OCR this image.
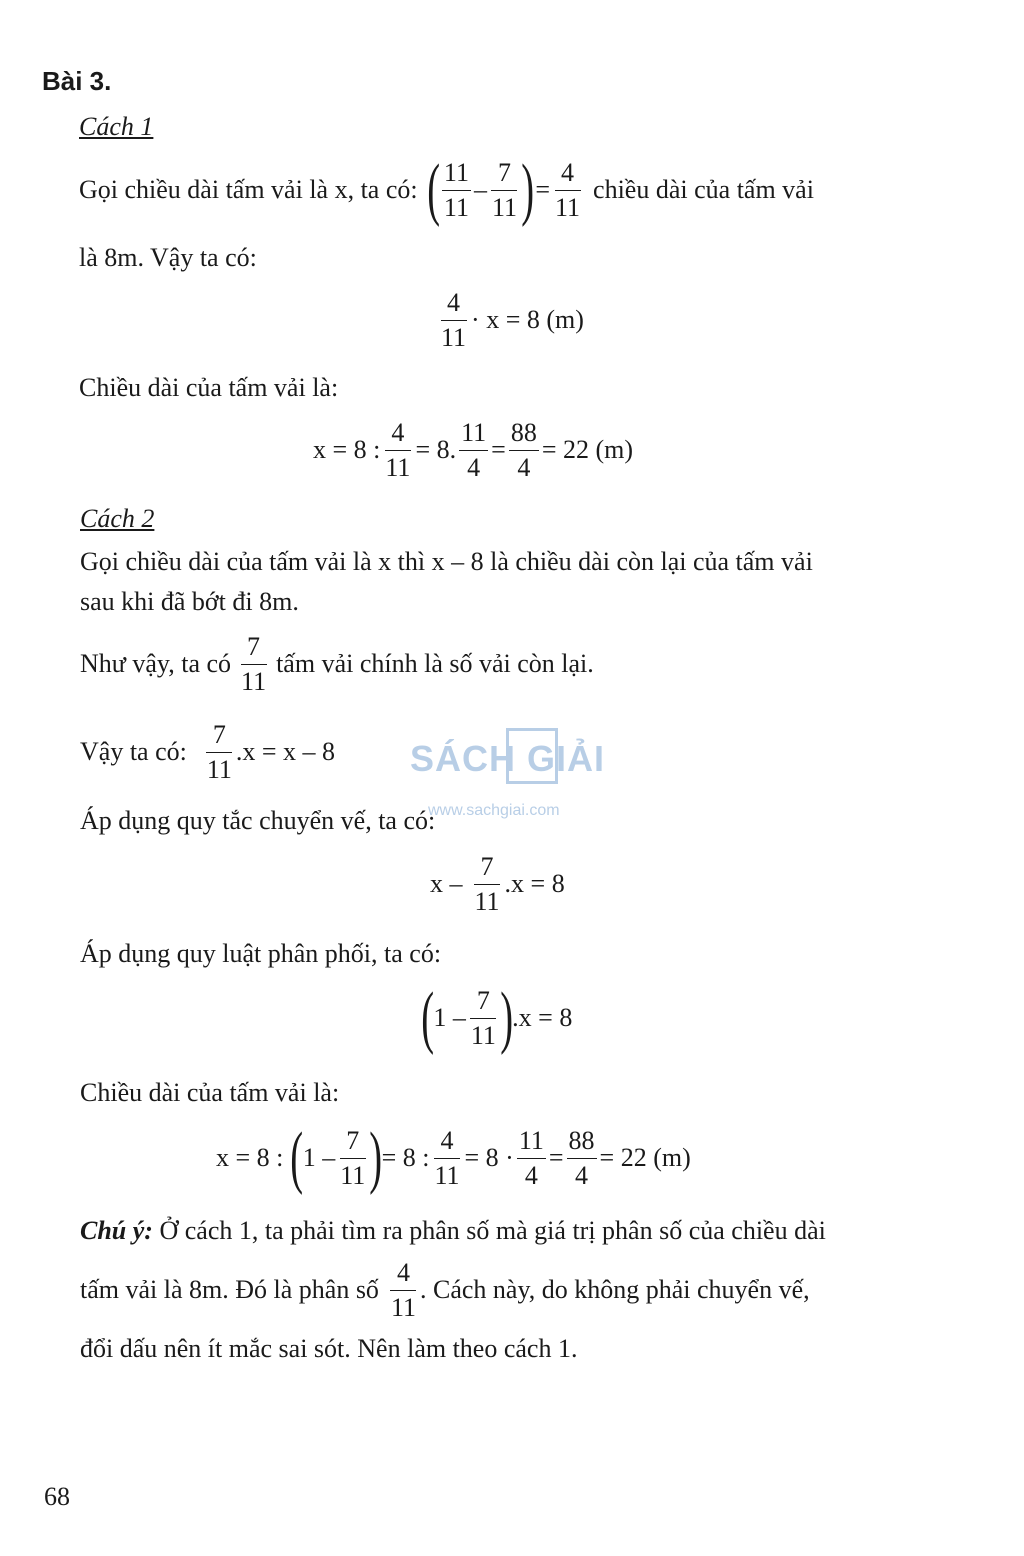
Bài 3.
Cách 1
Gọi chiều dài tấm vải là x, ta có: ( $\frac{11}{11} - \frac{7}{11}$ ) = $\frac{4}{11}$ chiều dài của tấm vải
là 8m. Vậy ta có:
$\frac{4}{11} \cdot x = 8$ (m)
Chiều dài của tấm vải là:
x = 8 : $\frac{4}{11} = 8$. $\frac{11}{4} = \frac{88}{4} = 22$ (m)
Cách 2
Gọi chiều dài của tấm vải là x thì x – 8 là chiều dài còn lại của tấm vải
sau khi đã bớt đi 8m.
Như vậy, ta có $\frac{7}{11}$ tấm vải chính là số vải còn lại.
Vậy ta có: $\frac{7}{11} .x = x - 8$ SÁCH GIẢI
www.sachgiai.com
Áp dụng quy tắc chuyển vế, ta có:
$x - \frac{7}{11} .x = 8$
Áp dụng quy luật phân phối, ta có:
( $1 - \frac{7}{11}$ ) .x = 8
Chiều dài của tấm vải là:
x = 8 : ( $1 - \frac{7}{11}$ ) = 8 : $\frac{4}{11} = 8 \cdot \frac{11}{4} = \frac{88}{4} = 22$ (m)
Chú ý: Ở cách 1, ta phải tìm ra phân số mà giá trị phân số của chiều dài
tấm vải là 8m. Đó là phân số $\frac{4}{11}$ . Cách này, do không phải chuyển vế,
đổi dấu nên ít mắc sai sót. Nên làm theo cách 1.
68
